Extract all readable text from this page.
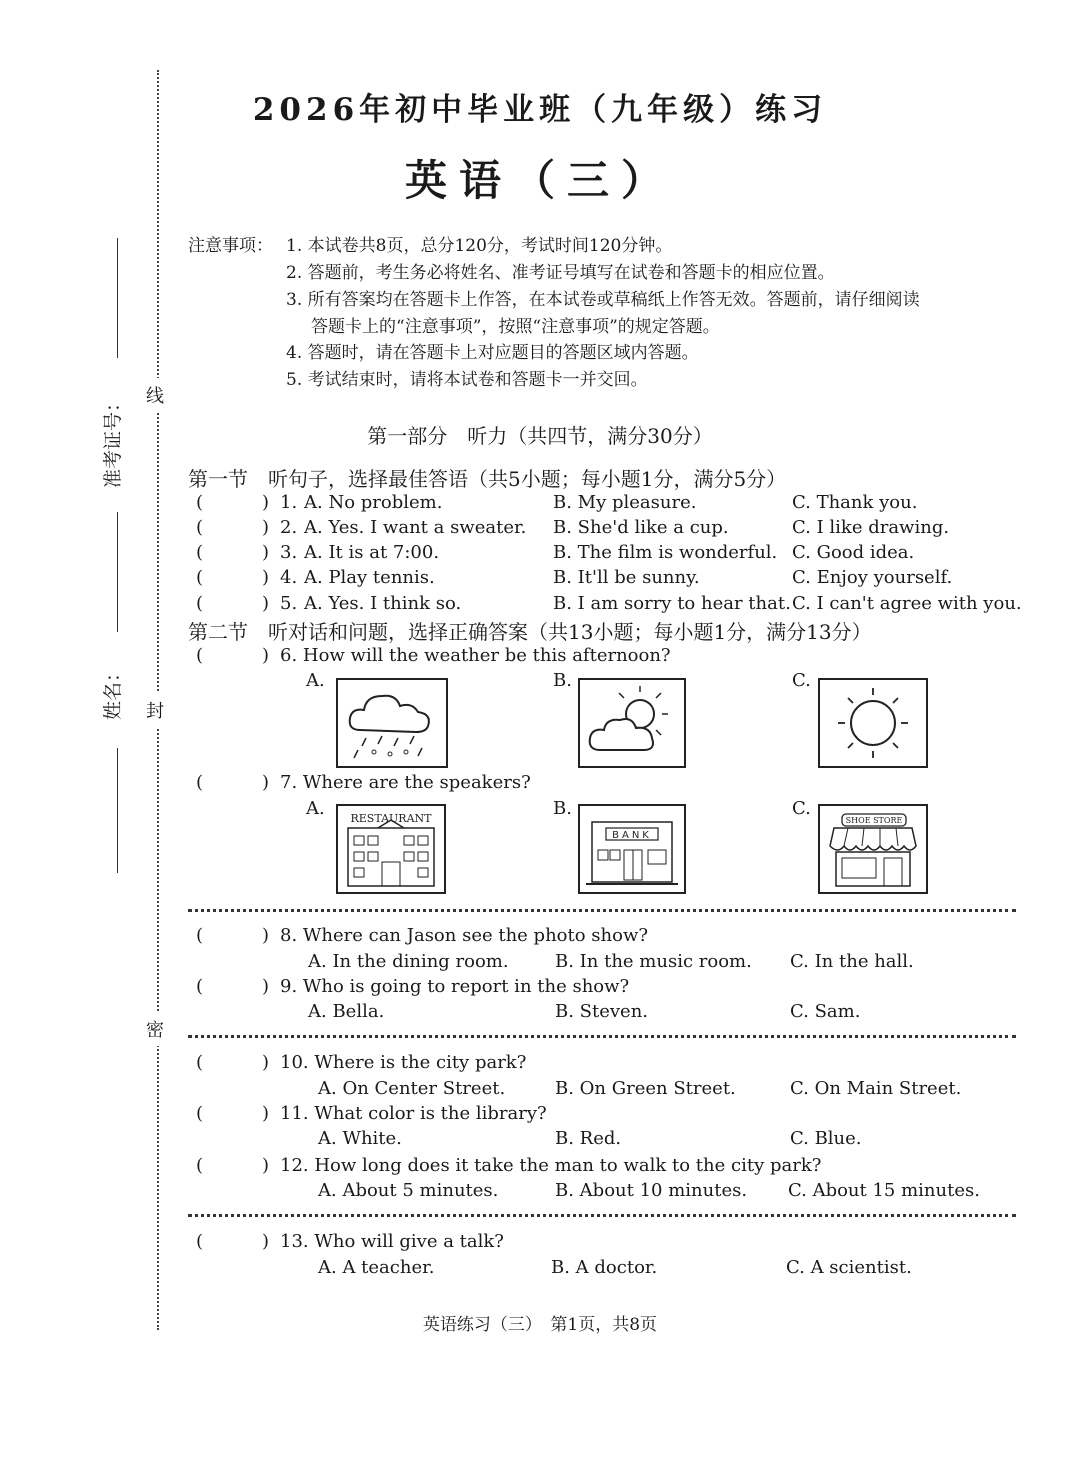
线
封
密
准考证号：
姓名：
2026年初中毕业班（九年级）练习
英语（三）
注意事项： 1. 本试卷共8页，总分120分，考试时间120分钟。
2. 答题前，考生务必将姓名、准考证号填写在试卷和答题卡的相应位置。
3. 所有答案均在答题卡上作答，在本试卷或草稿纸上作答无效。答题前，请仔细阅读
答题卡上的“注意事项”，按照“注意事项”的规定答题。
4. 答题时，请在答题卡上对应题目的答题区域内答题。
5. 考试结束时，请将本试卷和答题卡一并交回。
第一部分　听力（共四节，满分30分）
第一节　听句子，选择最佳答语（共5小题；每小题1分，满分5分）
(	) 1. A. No problem.	B. My pleasure.	C. Thank you.
(	) 2. A. Yes. I want a sweater. B. She'd like a cup.	C. I like drawing.
(	) 3. A. It is at 7:00.	B. The film is wonderful. C. Good idea.
(	) 4. A. Play tennis.	B. It'll be sunny.	C. Enjoy yourself.
(	) 5. A. Yes. I think so.	B. I am sorry to hear that. C. I can't agree with you.
第二节　听对话和问题，选择正确答案（共13小题；每小题1分，满分13分）
(	) 6. How will the weather be this afternoon?
A.	B.	C.
(	) 7. Where are the speakers?
A. RESTAURANT	B.
BANK
C.
SHOE STORE
(	) 8. Where can Jason see the photo show?
A. In the dining room.	B. In the music room. C. In the hall.
(	) 9. Who is going to report in the show?
A. Bella.	B. Steven.	C. Sam.
(	) 10. Where is the city park?
A. On Center Street.	B. On Green Street.	C. On Main Street.
(	) 11. What color is the library?
A. White.	B. Red.	C. Blue.
(	) 12. How long does it take the man to walk to the city park?
A. About 5 minutes.	B. About 10 minutes. C. About 15 minutes.
(	) 13. Who will give a talk?
A. A teacher.	B. A doctor.	C. A scientist.
英语练习（三）　第1页，共8页
